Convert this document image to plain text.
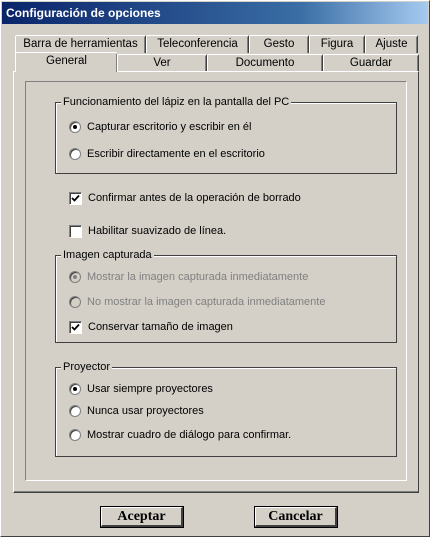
Configuración de opciones
Barra de herramientas	Teleconferencia	Gesto	Figura	Ajuste
General	Ver	Documento	Guardar
Funcionamiento del lápiz en la pantalla del PC
Capturar escritorio y escribir en él
Escribir directamente en el escritorio
Confirmar antes de la operación de borrado
Habilitar suavizado de línea.
Imagen capturada
Mostrar la imagen capturada inmediatamente
No mostrar la imagen capturada inmediatamente
Conservar tamaño de imagen
Proyector
Usar siempre proyectores
Nunca usar proyectores
Mostrar cuadro de diálogo para confirmar.
Aceptar	Cancelar
